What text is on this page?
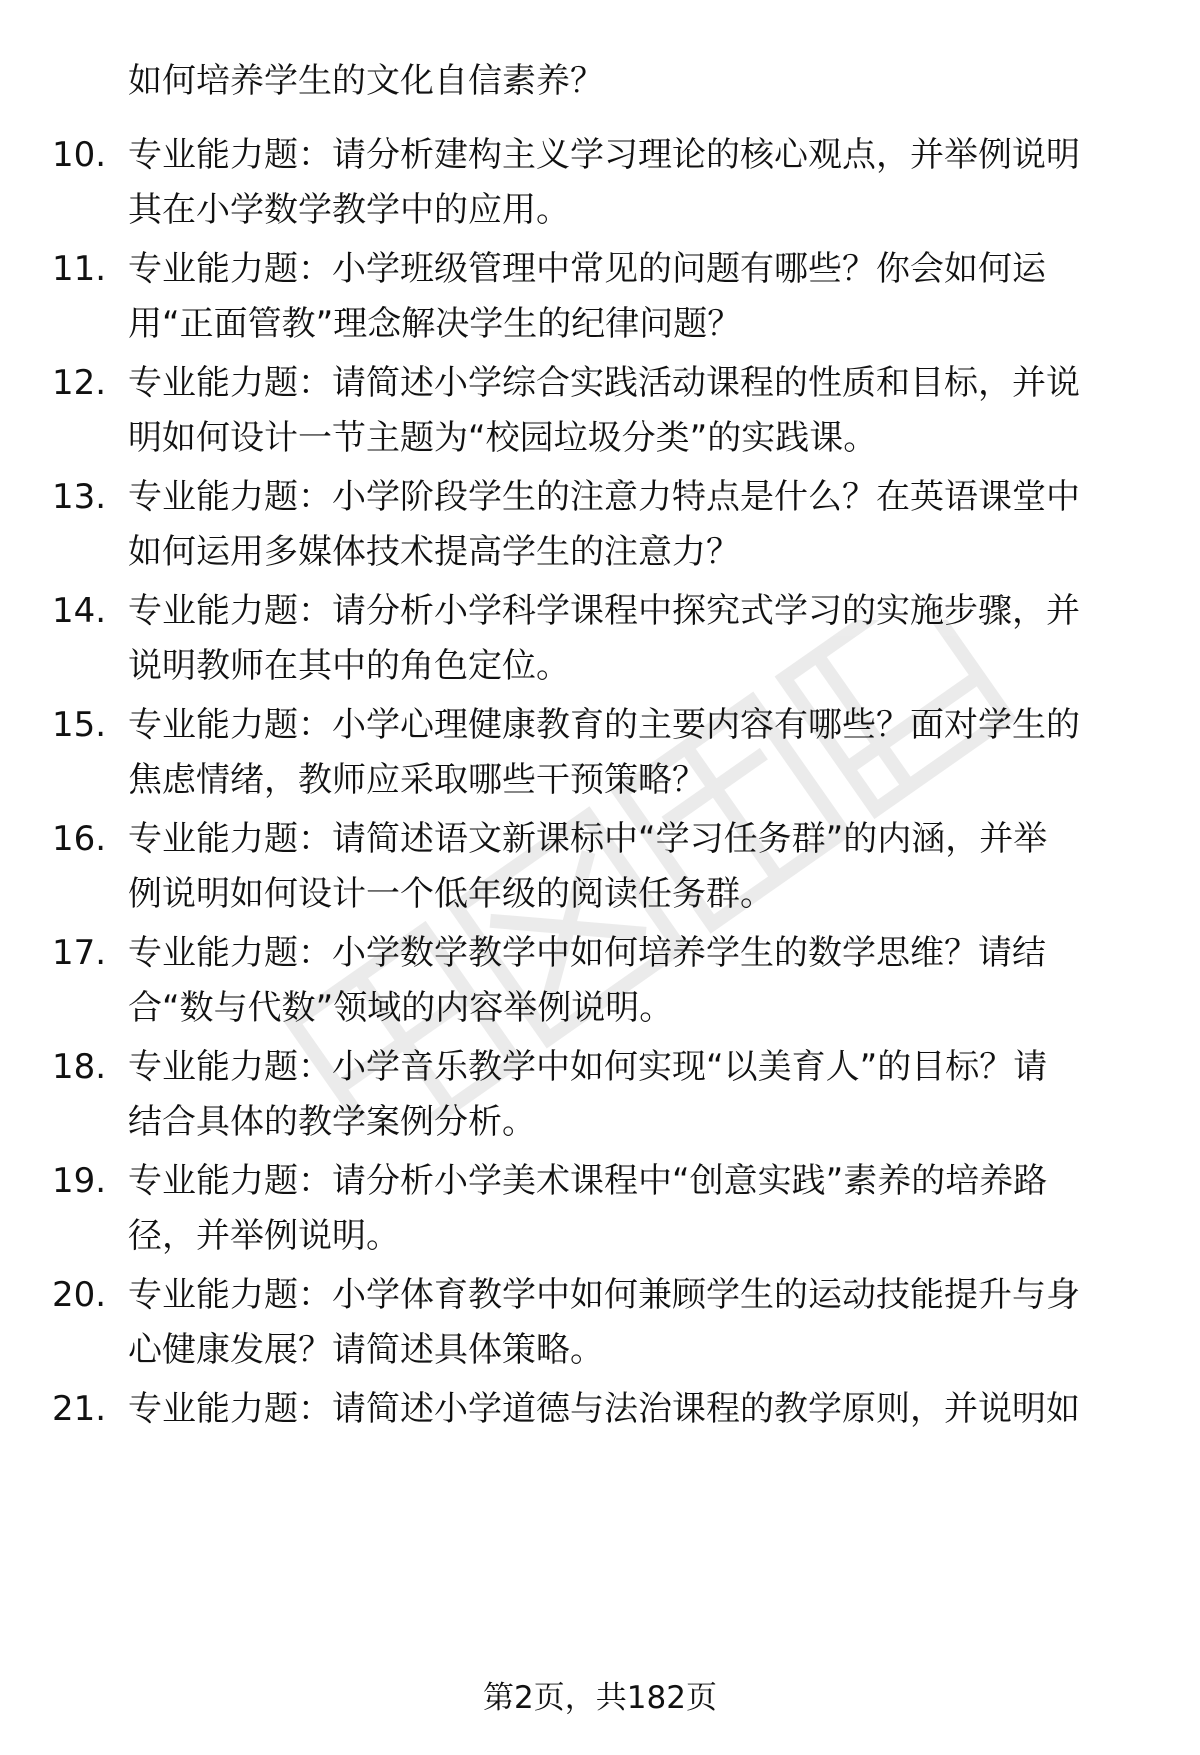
如何培养学生的文化自信素养？
10. 专业能力题：请分析建构主义学习理论的核心观点，并举例说明
其在小学数学教学中的应用。
11. 专业能力题：小学班级管理中常见的问题有哪些？你会如何运
用“正面管教”理念解决学生的纪律问题？
12. 专业能力题：请简述小学综合实践活动课程的性质和目标，并说
明如何设计一节主题为“校园垃圾分类”的实践课。
13. 专业能力题：小学阶段学生的注意力特点是什么？在英语课堂中
如何运用多媒体技术提高学生的注意力？
14. 专业能力题：请分析小学科学课程中探究式学习的实施步骤，并
说明教师在其中的角色定位。
15. 专业能力题：小学心理健康教育的主要内容有哪些？面对学生的
焦虑情绪，教师应采取哪些干预策略？
16. 专业能力题：请简述语文新课标中“学习任务群”的内涵，并举
例说明如何设计一个低年级的阅读任务群。
17. 专业能力题：小学数学教学中如何培养学生的数学思维？请结
合“数与代数”领域的内容举例说明。
18. 专业能力题：小学音乐教学中如何实现“以美育人”的目标？请
结合具体的教学案例分析。
19. 专业能力题：请分析小学美术课程中“创意实践”素养的培养路
径，并举例说明。
20. 专业能力题：小学体育教学中如何兼顾学生的运动技能提升与身
心健康发展？请简述具体策略。
21. 专业能力题：请简述小学道德与法治课程的教学原则，并说明如
第2页，共182页
